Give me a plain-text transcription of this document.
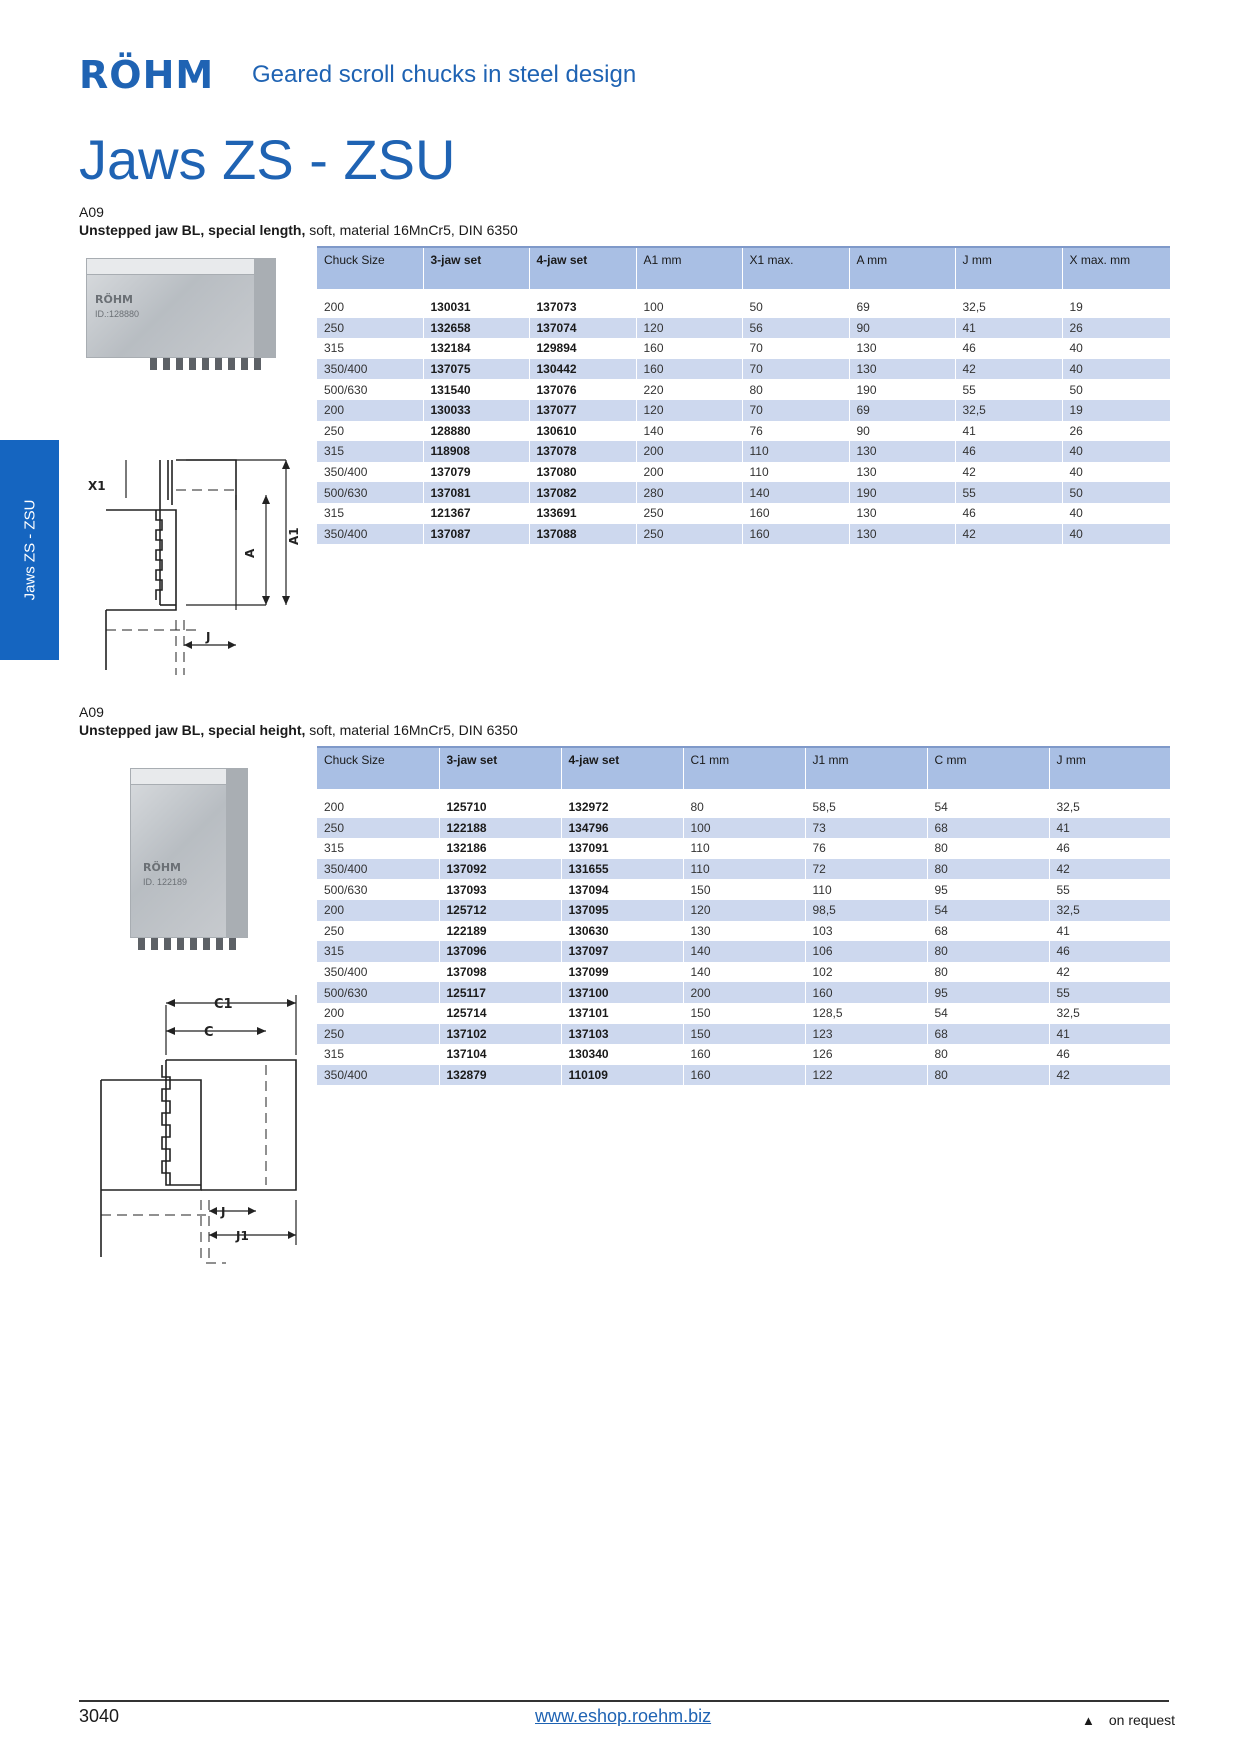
RÖHM Geared scroll chucks in steel design
Jaws ZS - ZSU
Jaws ZS - ZSU
A09
Unstepped jaw BL, special length, soft, material 16MnCr5, DIN 6350
RÖHM
ID.:128880
X1
A
A1
J
Chuck Size	3-jaw set	4-jaw set	A1 mm	X1 max.	A mm	J mm	X max. mm

200	130031	137073	100	50	69	32,5	19
250	132658	137074	120	56	90	41	26
315	132184	129894	160	70	130	46	40
350/400	137075	130442	160	70	130	42	40
500/630	131540	137076	220	80	190	55	50
200	130033	137077	120	70	69	32,5	19
250	128880	130610	140	76	90	41	26
315	118908	137078	200	110	130	46	40
350/400	137079	137080	200	110	130	42	40
500/630	137081	137082	280	140	190	55	50
315	121367	133691	250	160	130	46	40
350/400	137087	137088	250	160	130	42	40
A09
Unstepped jaw BL, special height, soft, material 16MnCr5, DIN 6350
RÖHM
ID. 122189
C1
C
J
J1
Chuck Size	3-jaw set	4-jaw set	C1 mm	J1 mm	C mm	J mm

200	125710	132972	80	58,5	54	32,5
250	122188	134796	100	73	68	41
315	132186	137091	110	76	80	46
350/400	137092	131655	110	72	80	42
500/630	137093	137094	150	110	95	55
200	125712	137095	120	98,5	54	32,5
250	122189	130630	130	103	68	41
315	137096	137097	140	106	80	46
350/400	137098	137099	140	102	80	42
500/630	125117	137100	200	160	95	55
200	125714	137101	150	128,5	54	32,5
250	137102	137103	150	123	68	41
315	137104	130340	160	126	80	46
350/400	132879	110109	160	122	80	42
3040	www.eshop.roehm.biz	▲ on request
